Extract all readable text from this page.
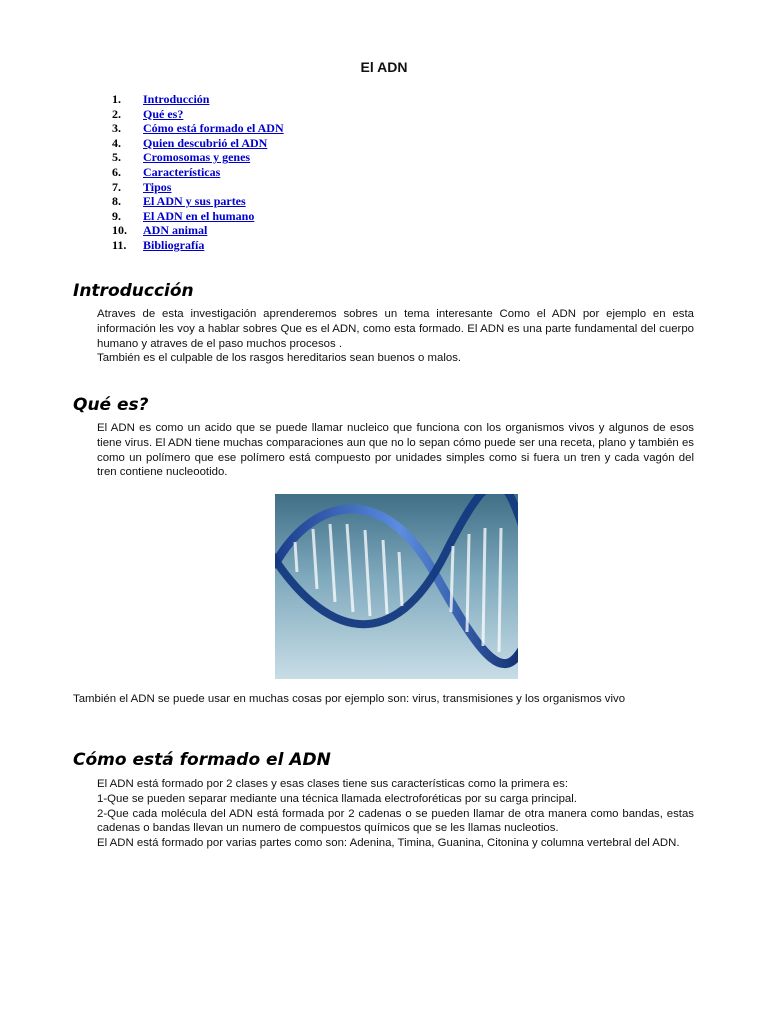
El ADN
1. Introducción
2. Qué es?
3. Cómo está formado el ADN
4. Quien descubrió el ADN
5. Cromosomas y genes
6. Características
7. Tipos
8. El ADN y sus partes
9. El ADN en el humano
10. ADN animal
11. Bibliografía
Introducción

Atraves de esta investigación aprenderemos sobres un tema interesante Como el ADN por ejemplo en esta información les voy a hablar sobres Que es el ADN, como esta formado. El ADN es una parte fundamental del cuerpo humano y atraves de el paso muchos procesos .

También es el culpable de los rasgos hereditarios sean buenos o malos.

Qué es?

El ADN es como un acido que se puede llamar nucleico que funciona con los organismos vivos y algunos de esos tiene virus. El ADN tiene muchas comparaciones aun que no lo sepan cómo puede ser una receta, plano y también es como un polímero que ese polímero está compuesto por unidades simples como si fuera un tren y cada vagón del tren contiene nucleootido.

También el ADN se puede usar en muchas cosas por ejemplo son: virus, transmisiones y los organismos vivo

Cómo está formado el ADN

El ADN está formado por 2 clases y esas clases tiene sus características como la primera es:

1-Que se pueden separar mediante una técnica llamada electroforéticas por su carga principal.

2-Que cada molécula del ADN está formada por 2 cadenas o se pueden llamar de otra manera como bandas, estas cadenas o bandas llevan un numero de compuestos químicos que se les llamas nucleotios.

El ADN está formado por varias partes como son: Adenina, Timina, Guanina, Citonina y columna vertebral del ADN.
